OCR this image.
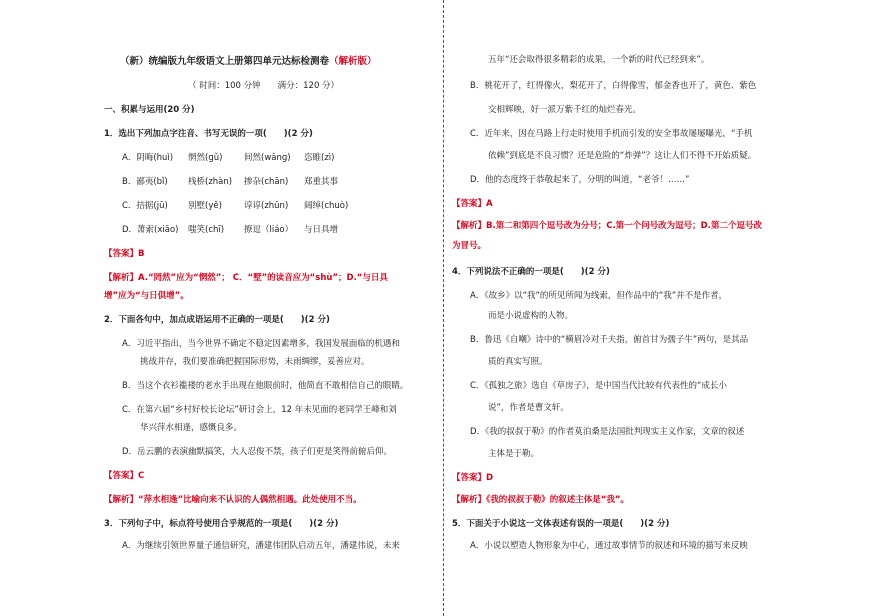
（新）统编版九年级语文上册第四单元达标检测卷（解析版）
（ 时间：100 分钟　　满分：120 分）
一、积累与运用(20 分)
1．选出下列加点字注音、书写无误的一项(　　)(2 分)
A．阴晦(huì) 惘然(ɡǔ)	间然(wǎnɡ) 恣睢(zì)
B．鄙夷(bǐ) 栈桥(zhàn) 掺杂(chān) 郑重其事
C．拮据(jū) 别墅(yě)	谆谆(zhūn) 阔绰(chuò)
D．萧索(xiāo) 嗤笑(chī) 撩逗（liáo） 与日具增
【答案】B
【解析】A.“罔然”应为“惘然”； C．“墅”的读音应为“shù”；D.“与日具
增”应为“与日俱增”。
2．下面各句中，加点成语运用不正确的一项是(　　)(2 分)
A．习近平指出，当今世界不确定不稳定因素增多，我国发展面临的机遇和
挑战并存，我们要准确把握国际形势，未雨绸缪，妥善应对。
B．当这个衣衫褴褛的老水手出现在他眼前时，他简直不敢相信自己的眼睛。
C．在第六届“乡村好校长论坛”研讨会上，12 年未见面的老同学王峰和刘
华兴萍水相逢，感慨良多。
D．岳云鹏的表演幽默搞笑，大人忍俊不禁，孩子们更是笑得前俯后仰。
【答案】C
【解析】“萍水相逢”比喻向来不认识的人偶然相遇。此处使用不当。
3．下列句子中，标点符号使用合乎规范的一项是(　　)(2 分)
A．为继续引领世界量子通信研究，潘建伟团队启动五年，潘建伟说，未来
五年“还会取得很多精彩的成果，一个新的时代已经到来”。
B．桃花开了，红得像火，梨花开了，白得像雪，郁金香也开了，黄色、紫色
交相辉映，好一派万紫千红的灿烂春光。
C．近年来，因在马路上行走时使用手机而引发的安全事故屡屡曝光，“手机
依赖”到底是不良习惯？还是危险的“炸弹”？这让人们不得不开始质疑。
D．他的态度终于恭敬起来了，分明的叫道，“老爷！……”
【答案】A
【解析】B.第二和第四个逗号改为分号；C.第一个问号改为逗号；D.第二个逗号改
为冒号。
4．下列说法不正确的一项是(　　)(2 分)
A．《故乡》以“我”的所见所闻为线索，但作品中的“我”并不是作者，
而是小说虚构的人物。
B．鲁迅《自嘲》诗中的“横眉冷对千夫指，俯首甘为孺子牛”两句，是其品
质的真实写照。
C．《孤独之旅》选自《草房子》，是中国当代比较有代表性的“成长小
说”，作者是曹文轩。
D．《我的叔叔于勒》的作者莫泊桑是法国批判现实主义作家，文章的叙述
主体是于勒。
【答案】D
【解析】《我的叔叔于勒》的叙述主体是“我”。
5．下面关于小说这一文体表述有误的一项是(　　)(2 分)
A．小说以塑造人物形象为中心，通过故事情节的叙述和环境的描写来反映
